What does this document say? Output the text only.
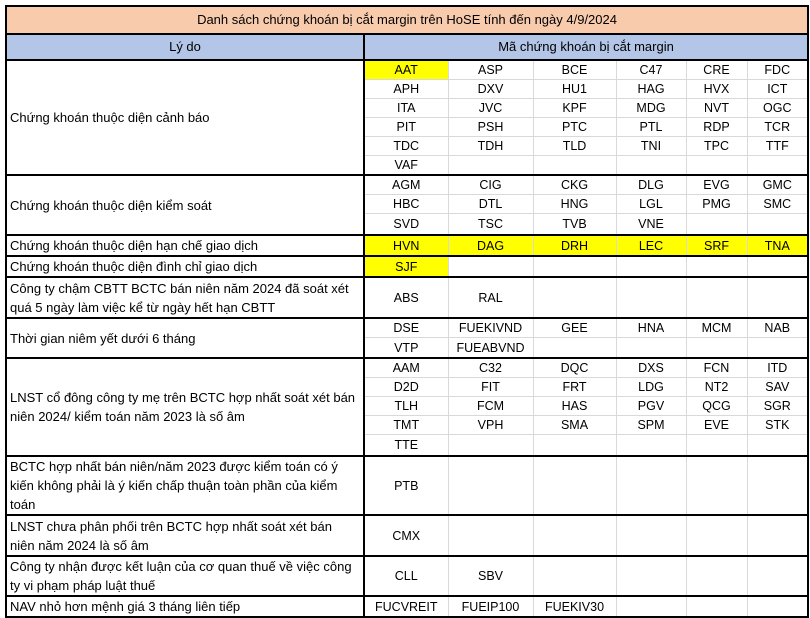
Danh sách chứng khoán bị cắt margin trên HoSE tính đến ngày 4/9/2024						
Lý do	Mã chứng khoán bị cắt margin					
Chứng khoán thuộc diện cảnh báo	AAT	ASP	BCE	C47	CRE	FDC
	APH	DXV	HU1	HAG	HVX	ICT
	ITA	JVC	KPF	MDG	NVT	OGC
	PIT	PSH	PTC	PTL	RDP	TCR
	TDC	TDH	TLD	TNI	TPC	TTF
	VAF					
Chứng khoán thuộc diện kiểm soát	AGM	CIG	CKG	DLG	EVG	GMC
	HBC	DTL	HNG	LGL	PMG	SMC
	SVD	TSC	TVB	VNE		
Chứng khoán thuộc diện hạn chế giao dịch	HVN	DAG	DRH	LEC	SRF	TNA
Chứng khoán thuộc diện đình chỉ giao dịch	SJF					
Công ty chậm CBTT BCTC bán niên năm 2024 đã soát xét quá 5 ngày làm việc kể từ ngày hết hạn CBTT	ABS	RAL				
Thời gian niêm yết dưới 6 tháng	DSE	FUEKIVND	GEE	HNA	MCM	NAB
	VTP	FUEABVND				
LNST cổ đông công ty mẹ trên BCTC hợp nhất soát xét bán niên 2024/ kiểm toán năm 2023 là số âm	AAM	C32	DQC	DXS	FCN	ITD
	D2D	FIT	FRT	LDG	NT2	SAV
	TLH	FCM	HAS	PGV	QCG	SGR
	TMT	VPH	SMA	SPM	EVE	STK
	TTE					
BCTC hợp nhất bán niên/năm 2023 được kiểm toán có ý kiến không phải là ý kiến chấp thuận toàn phần của kiểm toán	PTB					
LNST chưa phân phối trên BCTC hợp nhất soát xét bán niên năm 2024 là số âm	CMX					
Công ty nhận được kết luận của cơ quan thuế về việc công ty vi phạm pháp luật thuế	CLL	SBV				
NAV nhỏ hơn mệnh giá 3 tháng liên tiếp	FUCVREIT	FUEIP100	FUEKIV30			
